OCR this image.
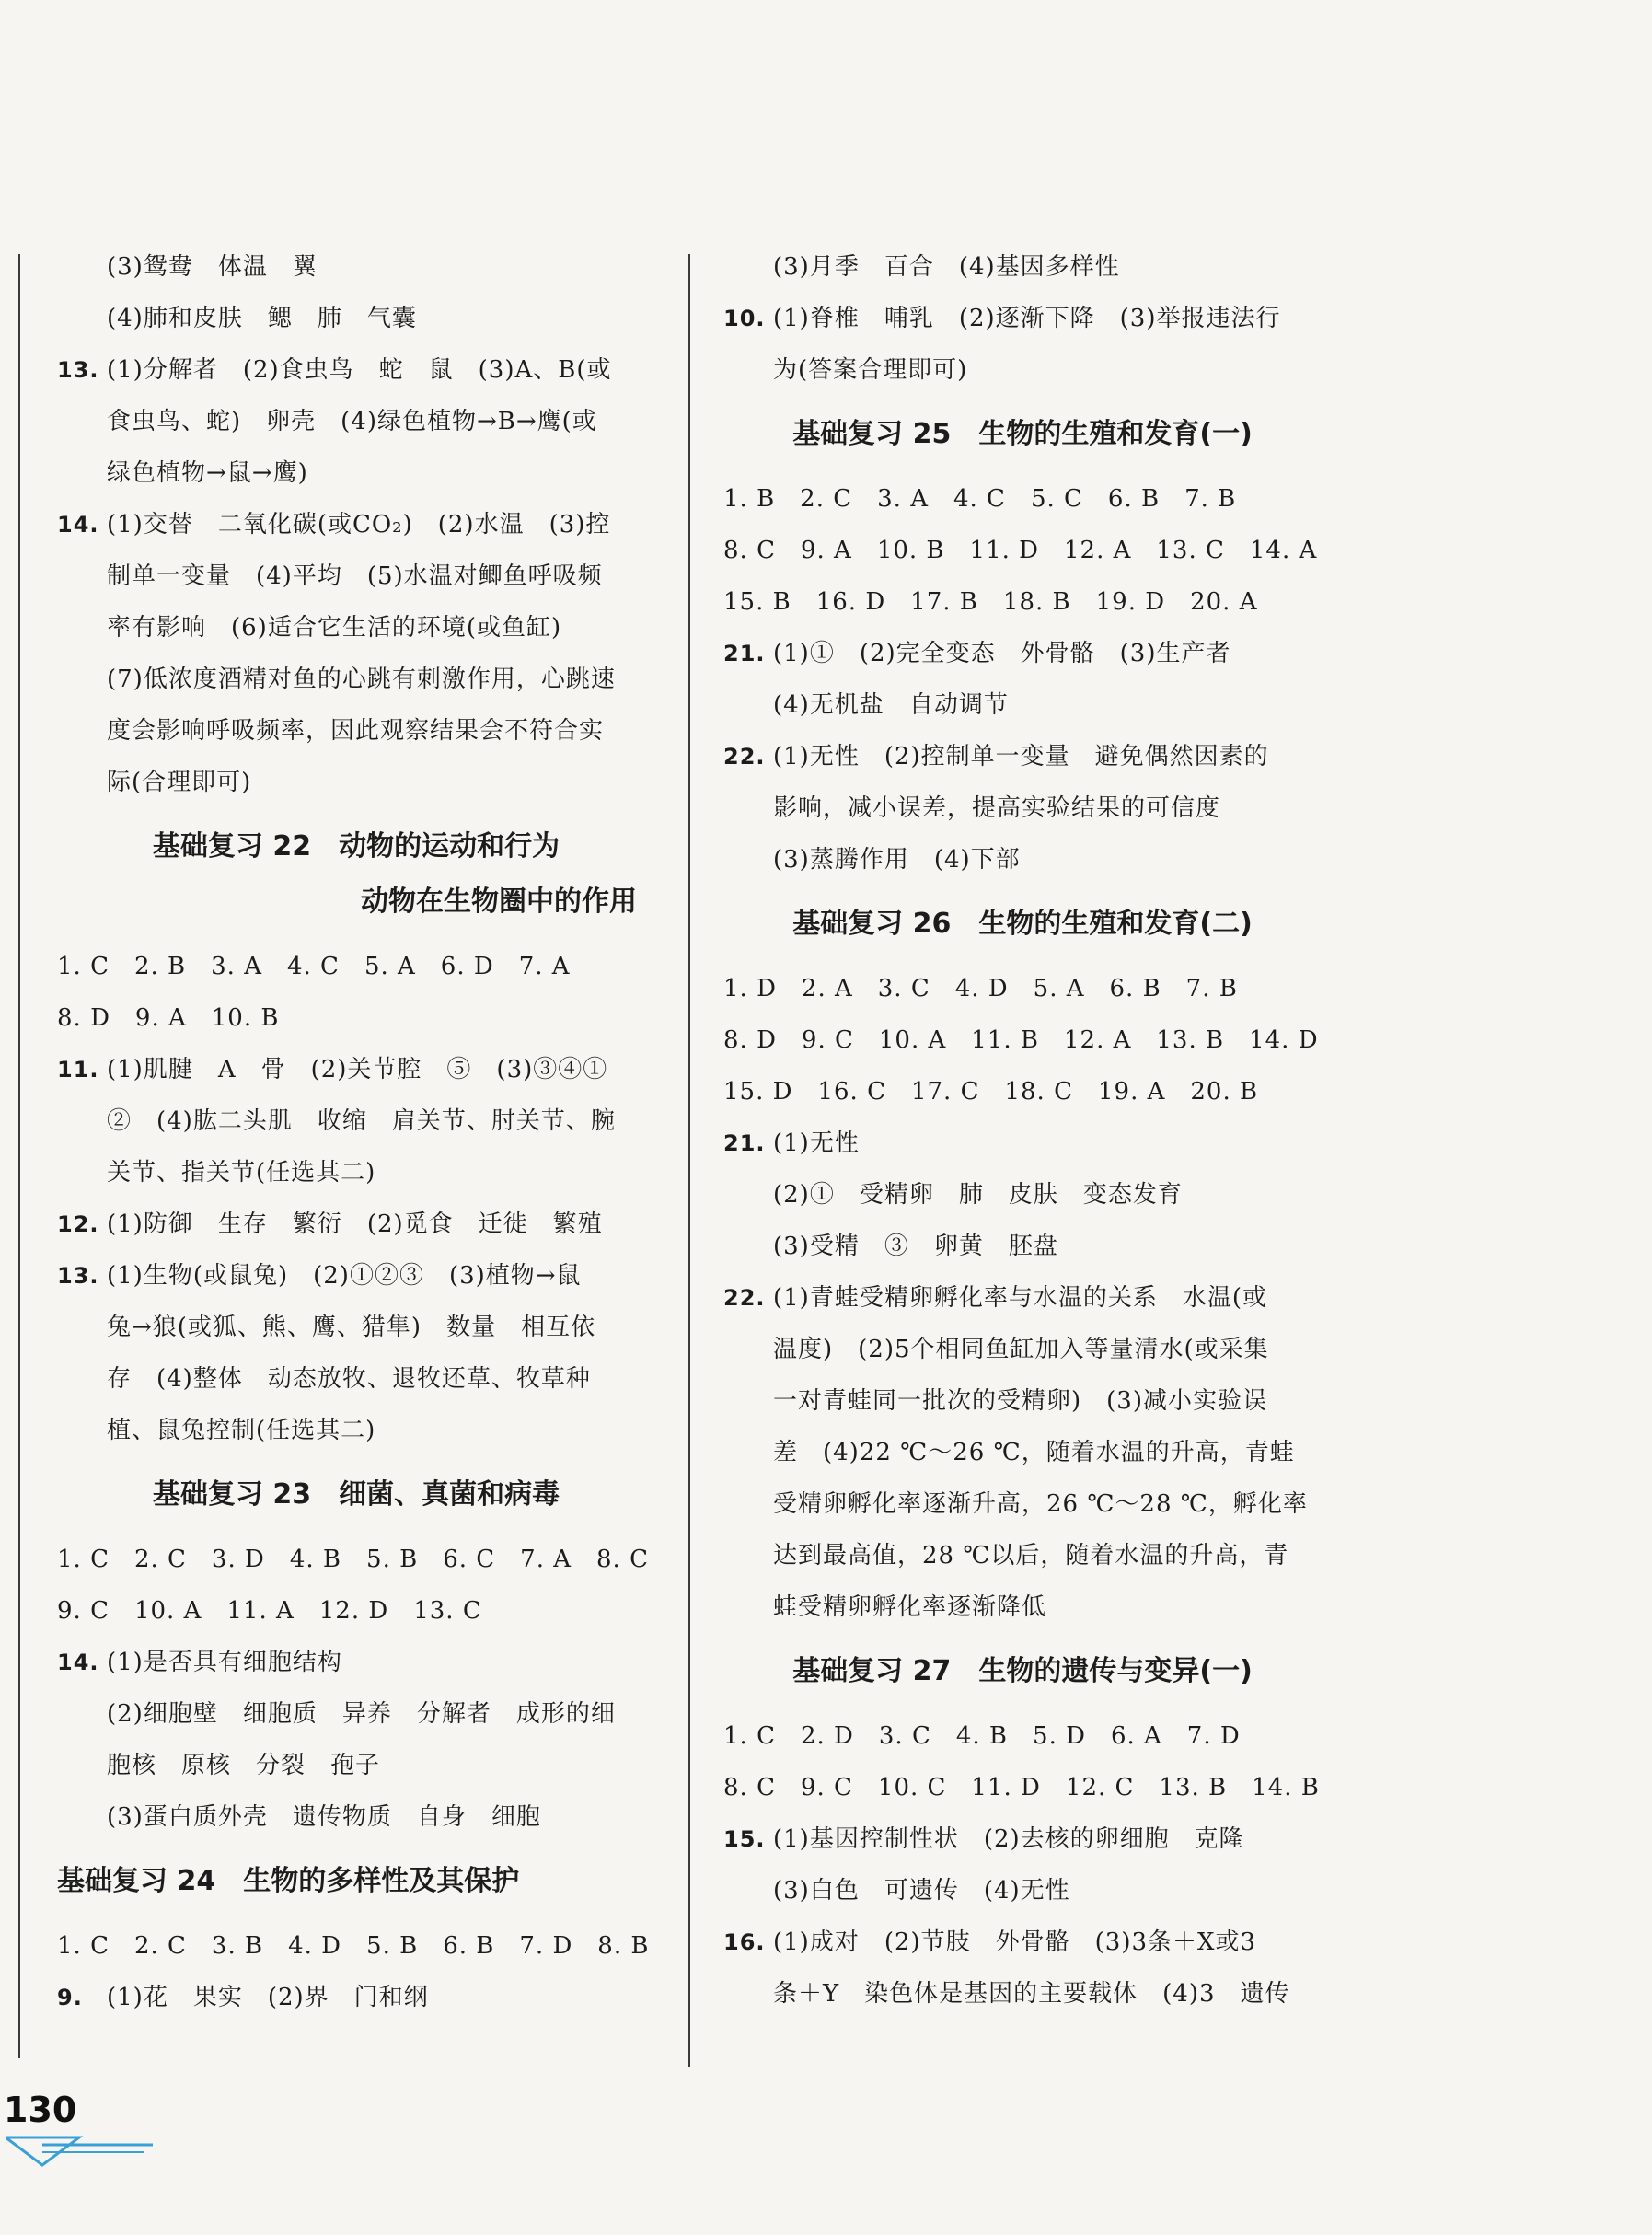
(3)鸳鸯　体温　翼
(4)肺和皮肤　鳃　肺　气囊
13. (1)分解者　(2)食虫鸟　蛇　鼠　(3)A、B(或
食虫鸟、蛇)　卵壳　(4)绿色植物→B→鹰(或
绿色植物→鼠→鹰)
14. (1)交替　二氧化碳(或CO₂)　(2)水温　(3)控
制单一变量　(4)平均　(5)水温对鲫鱼呼吸频
率有影响　(6)适合它生活的环境(或鱼缸)
(7)低浓度酒精对鱼的心跳有刺激作用，心跳速
度会影响呼吸频率，因此观察结果会不符合实
际(合理即可)
基础复习 22　动物的运动和行为
动物在生物圈中的作用
1. C　2. B　3. A　4. C　5. A　6. D　7. A
8. D　9. A　10. B
11. (1)肌腱　A　骨　(2)关节腔　⑤　(3)③④①
②　(4)肱二头肌　收缩　肩关节、肘关节、腕
关节、指关节(任选其二)
12. (1)防御　生存　繁衍　(2)觅食　迁徙　繁殖
13. (1)生物(或鼠兔)　(2)①②③　(3)植物→鼠
兔→狼(或狐、熊、鹰、猎隼)　数量　相互依
存　(4)整体　动态放牧、退牧还草、牧草种
植、鼠兔控制(任选其二)
基础复习 23　细菌、真菌和病毒
1. C　2. C　3. D　4. B　5. B　6. C　7. A　8. C
9. C　10. A　11. A　12. D　13. C
14. (1)是否具有细胞结构
(2)细胞壁　细胞质　异养　分解者　成形的细
胞核　原核　分裂　孢子
(3)蛋白质外壳　遗传物质　自身　细胞
基础复习 24　生物的多样性及其保护
1. C　2. C　3. B　4. D　5. B　6. B　7. D　8. B
9. (1)花　果实　(2)界　门和纲
(3)月季　百合　(4)基因多样性
10. (1)脊椎　哺乳　(2)逐渐下降　(3)举报违法行
为(答案合理即可)
基础复习 25　生物的生殖和发育(一)
1. B　2. C　3. A　4. C　5. C　6. B　7. B
8. C　9. A　10. B　11. D　12. A　13. C　14. A
15. B　16. D　17. B　18. B　19. D　20. A
21. (1)①　(2)完全变态　外骨骼　(3)生产者
(4)无机盐　自动调节
22. (1)无性　(2)控制单一变量　避免偶然因素的
影响，减小误差，提高实验结果的可信度
(3)蒸腾作用　(4)下部
基础复习 26　生物的生殖和发育(二)
1. D　2. A　3. C　4. D　5. A　6. B　7. B
8. D　9. C　10. A　11. B　12. A　13. B　14. D
15. D　16. C　17. C　18. C　19. A　20. B
21. (1)无性
(2)①　受精卵　肺　皮肤　变态发育
(3)受精　③　卵黄　胚盘
22. (1)青蛙受精卵孵化率与水温的关系　水温(或
温度)　(2)5个相同鱼缸加入等量清水(或采集
一对青蛙同一批次的受精卵)　(3)减小实验误
差　(4)22 ℃～26 ℃，随着水温的升高，青蛙
受精卵孵化率逐渐升高，26 ℃～28 ℃，孵化率
达到最高值，28 ℃以后，随着水温的升高，青
蛙受精卵孵化率逐渐降低
基础复习 27　生物的遗传与变异(一)
1. C　2. D　3. C　4. B　5. D　6. A　7. D
8. C　9. C　10. C　11. D　12. C　13. B　14. B
15. (1)基因控制性状　(2)去核的卵细胞　克隆
(3)白色　可遗传　(4)无性
16. (1)成对　(2)节肢　外骨骼　(3)3条＋X或3
条＋Y　染色体是基因的主要载体　(4)3　遗传
130
